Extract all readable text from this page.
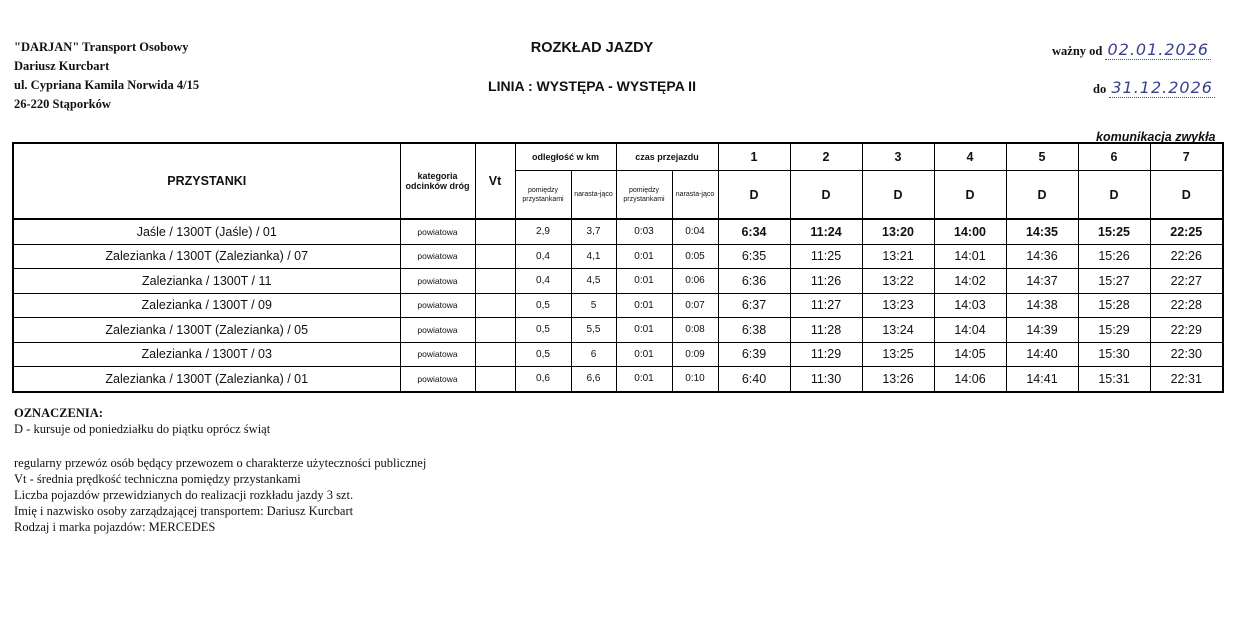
"DARJAN" Transport Osobowy
Dariusz Kurcbart
ul. Cypriana Kamila Norwida 4/15
26-220 Stąporków
ROZKŁAD JAZDY
LINIA : WYSTĘPA - WYSTĘPA II
ważny od 02.01.2026
do 31.12.2026
komunikacja zwykła
PRZYSTANKI	kategoria odcinków dróg	Vt	odległość w km		czas przejazdu		1	2	3	4	5	6	7
			pomiędzy przystankami	narasta-jąco	pomiędzy przystankami	narasta-jąco	D	D	D	D	D	D	D
Jaśle / 1300T (Jaśle) / 01	powiatowa		2,9	3,7	0:03	0:04	6:34	11:24	13:20	14:00	14:35	15:25	22:25
Zalezianka / 1300T (Zalezianka) / 07	powiatowa		0,4	4,1	0:01	0:05	6:35	11:25	13:21	14:01	14:36	15:26	22:26
Zalezianka / 1300T / 11	powiatowa		0,4	4,5	0:01	0:06	6:36	11:26	13:22	14:02	14:37	15:27	22:27
Zalezianka / 1300T / 09	powiatowa		0,5	5	0:01	0:07	6:37	11:27	13:23	14:03	14:38	15:28	22:28
Zalezianka / 1300T (Zalezianka) / 05	powiatowa		0,5	5,5	0:01	0:08	6:38	11:28	13:24	14:04	14:39	15:29	22:29
Zalezianka / 1300T / 03	powiatowa		0,5	6	0:01	0:09	6:39	11:29	13:25	14:05	14:40	15:30	22:30
Zalezianka / 1300T (Zalezianka) / 01	powiatowa		0,6	6,6	0:01	0:10	6:40	11:30	13:26	14:06	14:41	15:31	22:31
OZNACZENIA:
D - kursuje od poniedziałku do piątku oprócz świąt
regularny przewóz osób będący przewozem o charakterze użyteczności publicznej
Vt - średnia prędkość techniczna pomiędzy przystankami
Liczba pojazdów przewidzianych do realizacji rozkładu jazdy 3 szt.
Imię i nazwisko osoby zarządzającej transportem: Dariusz Kurcbart
Rodzaj i marka pojazdów: MERCEDES
